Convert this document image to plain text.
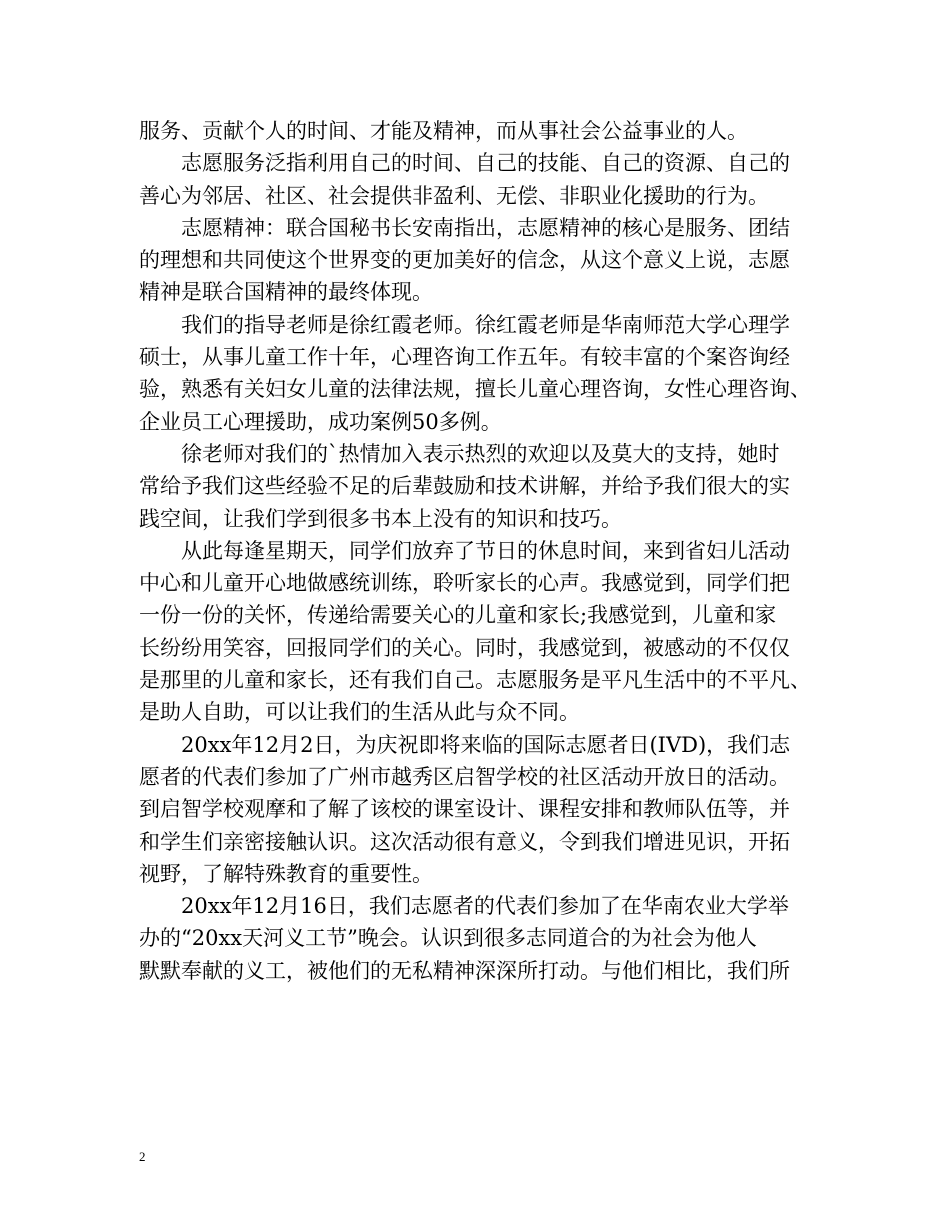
服务、贡献个人的时间、才能及精神，而从事社会公益事业的人。
志愿服务泛指利用自己的时间、自己的技能、自己的资源、自己的
善心为邻居、社区、社会提供非盈利、无偿、非职业化援助的行为。
志愿精神：联合国秘书长安南指出，志愿精神的核心是服务、团结
的理想和共同使这个世界变的更加美好的信念，从这个意义上说，志愿
精神是联合国精神的最终体现。
我们的指导老师是徐红霞老师。徐红霞老师是华南师范大学心理学
硕士，从事儿童工作十年，心理咨询工作五年。有较丰富的个案咨询经
验，熟悉有关妇女儿童的法律法规，擅长儿童心理咨询，女性心理咨询、
企业员工心理援助，成功案例50多例。
徐老师对我们的`热情加入表示热烈的欢迎以及莫大的支持，她时
常给予我们这些经验不足的后辈鼓励和技术讲解，并给予我们很大的实
践空间，让我们学到很多书本上没有的知识和技巧。
从此每逢星期天，同学们放弃了节日的休息时间，来到省妇儿活动
中心和儿童开心地做感统训练，聆听家长的心声。我感觉到，同学们把
一份一份的关怀，传递给需要关心的儿童和家长;我感觉到，儿童和家
长纷纷用笑容，回报同学们的关心。同时，我感觉到，被感动的不仅仅
是那里的儿童和家长，还有我们自己。志愿服务是平凡生活中的不平凡、
是助人自助，可以让我们的生活从此与众不同。
20xx年12月2日，为庆祝即将来临的国际志愿者日(IVD)，我们志
愿者的代表们参加了广州市越秀区启智学校的社区活动开放日的活动。
到启智学校观摩和了解了该校的课室设计、课程安排和教师队伍等，并
和学生们亲密接触认识。这次活动很有意义，令到我们增进见识，开拓
视野，了解特殊教育的重要性。
20xx年12月16日，我们志愿者的代表们参加了在华南农业大学举
办的“20xx天河义工节”晚会。认识到很多志同道合的为社会为他人
默默奉献的义工，被他们的无私精神深深所打动。与他们相比，我们所
2
